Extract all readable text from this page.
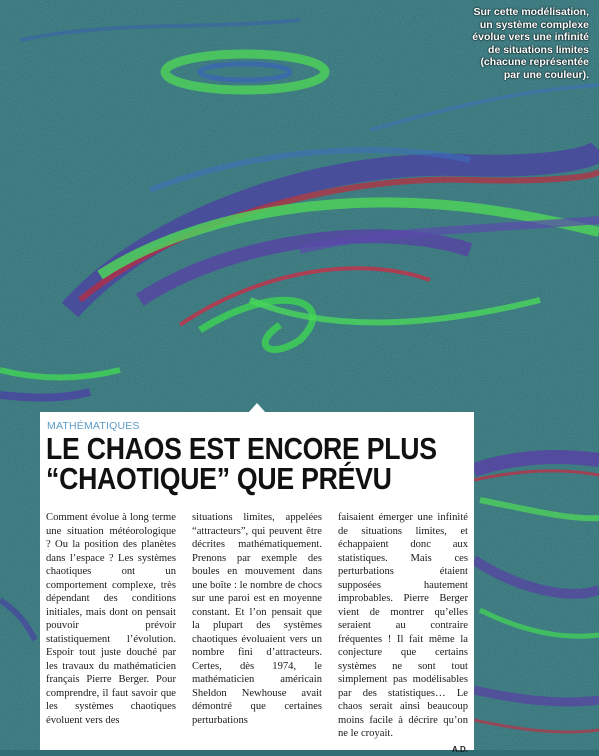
Sur cette modélisation, un système complexe évolue vers une infinité de situations limites (chacune représentée par une couleur).
MATHÉMATIQUES
LE CHAOS EST ENCORE PLUS
“CHAOTIQUE” QUE PRÉVU

Comment évolue à long terme une situation météorologique ? Ou la position des planètes dans l’espace ? Les systèmes chaotiques ont un comportement complexe, très dépendant des conditions initiales, mais dont on pensait pouvoir prévoir statistiquement l’évolution. Espoir tout juste douché par les travaux du mathématicien français Pierre Berger. Pour comprendre, il faut savoir que les systèmes chaotiques évoluent vers des

situations limites, appelées “attracteurs”, qui peuvent être décrites mathématiquement. Prenons par exemple des boules en mouvement dans une boîte : le nombre de chocs sur une paroi est en moyenne constant. Et l’on pensait que la plupart des systèmes chaotiques évoluaient vers un nombre fini d’attracteurs. Certes, dès 1974, le mathématicien américain Sheldon Newhouse avait démontré que certaines perturbations

faisaient émerger une infinité de situations limites, et échappaient donc aux statistiques. Mais ces perturbations étaient supposées hautement improbables. Pierre Berger vient de montrer qu’elles seraient au contraire fréquentes ! Il fait même la conjecture que certains systèmes ne sont tout simplement pas modélisables par des statistiques… Le chaos serait ainsi beaucoup moins facile à décrire qu’on ne le croyait.

A.D.
